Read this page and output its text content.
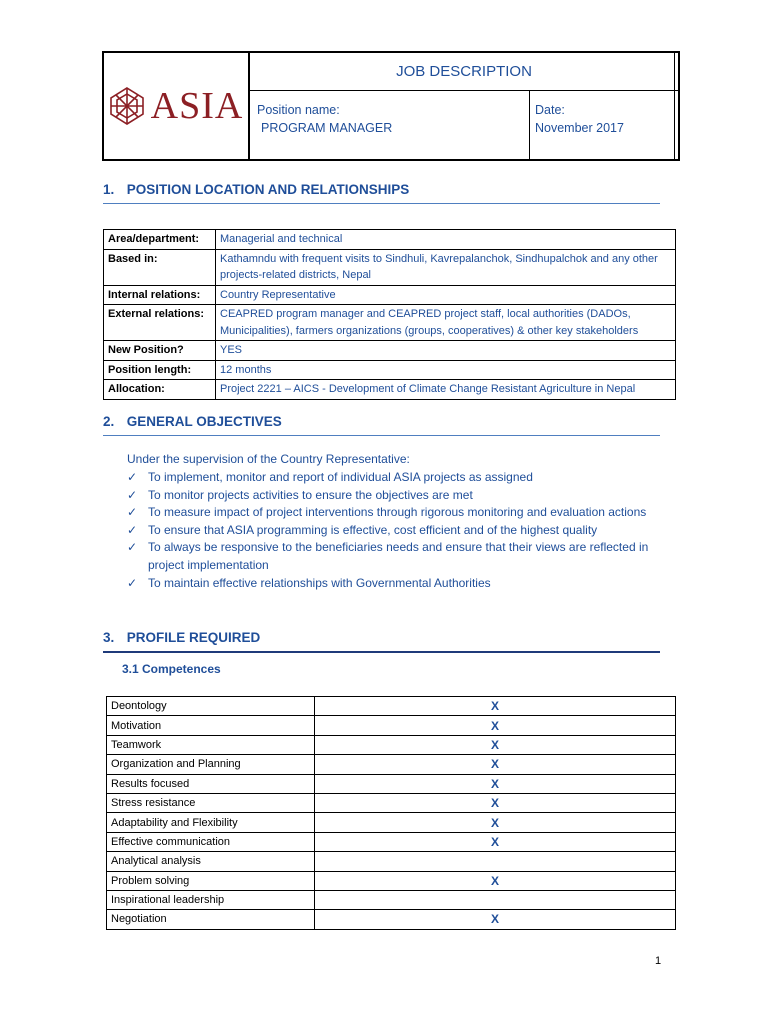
ASIA
JOB DESCRIPTION
Position name:
PROGRAM MANAGER
Date:
November 2017
1. POSITION LOCATION AND RELATIONSHIPS
Area/department:	Managerial and technical
Based in:	Kathamndu with frequent visits to Sindhuli, Kavrepalanchok, Sindhupalchok and any other projects-related districts, Nepal
Internal relations:	Country Representative
External relations:	CEAPRED program manager and CEAPRED project staff, local authorities (DADOs, Municipalities), farmers organizations (groups, cooperatives) & other key stakeholders
New Position?	YES
Position length:	12 months
Allocation:	Project 2221 – AICS - Development of Climate Change Resistant Agriculture in Nepal
2. GENERAL OBJECTIVES
Under the supervision of the Country Representative:
✓ To implement, monitor and report of individual ASIA projects as assigned
✓ To monitor projects activities to ensure the objectives are met
✓ To measure impact of project interventions through rigorous monitoring and evaluation actions
✓ To ensure that ASIA programming is effective, cost efficient and of the highest quality
✓ To always be responsive to the beneficiaries needs and ensure that their views are reflected in project implementation
✓ To maintain effective relationships with Governmental Authorities
3. PROFILE REQUIRED
3.1 Competences
Deontology	X
Motivation	X
Teamwork	X
Organization and Planning	X
Results focused	X
Stress resistance	X
Adaptability and Flexibility	X
Effective communication	X
Analytical analysis	
Problem solving	X
Inspirational leadership	
Negotiation	X
1
